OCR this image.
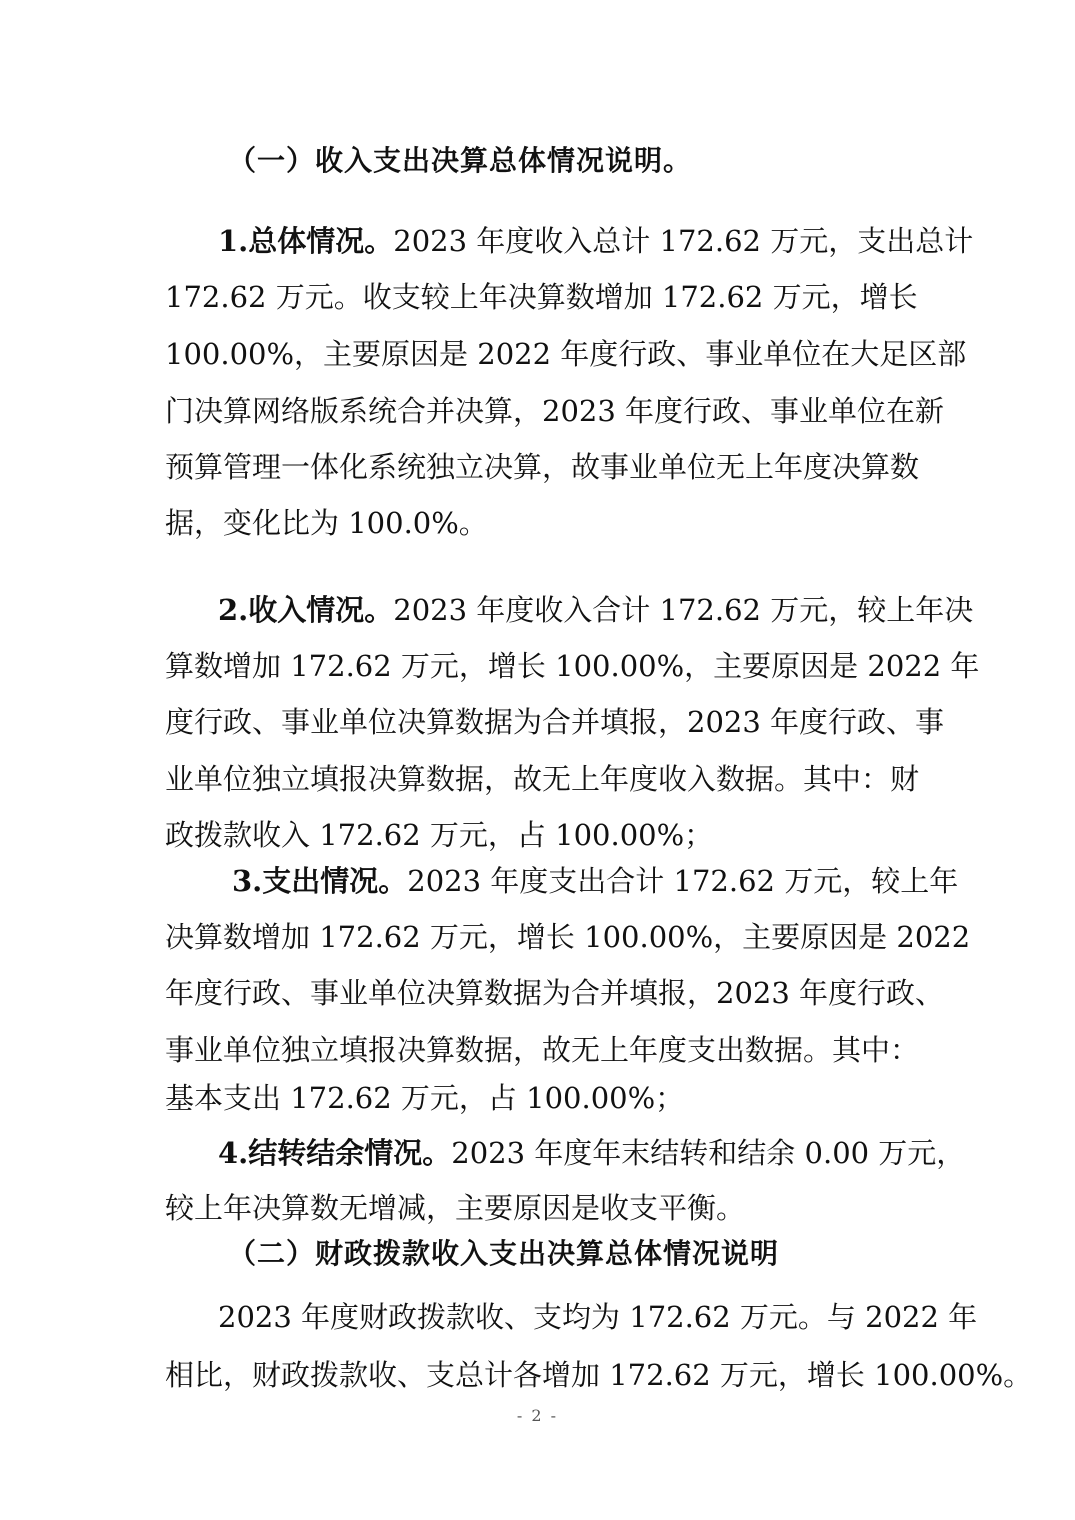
（一）收入支出决算总体情况说明。
1.总体情况。2023 年度收入总计 172.62 万元，支出总计
172.62 万元。收支较上年决算数增加 172.62 万元，增长
100.00%，主要原因是 2022 年度行政、事业单位在大足区部
门决算网络版系统合并决算，2023 年度行政、事业单位在新
预算管理一体化系统独立决算，故事业单位无上年度决算数
据，变化比为 100.0%。
2.收入情况。2023 年度收入合计 172.62 万元，较上年决
算数增加 172.62 万元，增长 100.00%，主要原因是 2022 年
度行政、事业单位决算数据为合并填报，2023 年度行政、事
业单位独立填报决算数据，故无上年度收入数据。其中：财
政拨款收入 172.62 万元，占 100.00%；
3.支出情况。2023 年度支出合计 172.62 万元，较上年
决算数增加 172.62 万元，增长 100.00%，主要原因是 2022
年度行政、事业单位决算数据为合并填报，2023 年度行政、
事业单位独立填报决算数据，故无上年度支出数据。其中：
基本支出 172.62 万元，占 100.00%；
4.结转结余情况。2023 年度年末结转和结余 0.00 万元，
较上年决算数无增减，主要原因是收支平衡。
（二）财政拨款收入支出决算总体情况说明
2023 年度财政拨款收、支均为 172.62 万元。与 2022 年
相比，财政拨款收、支总计各增加 172.62 万元，增长 100.00%。
- 2 -
